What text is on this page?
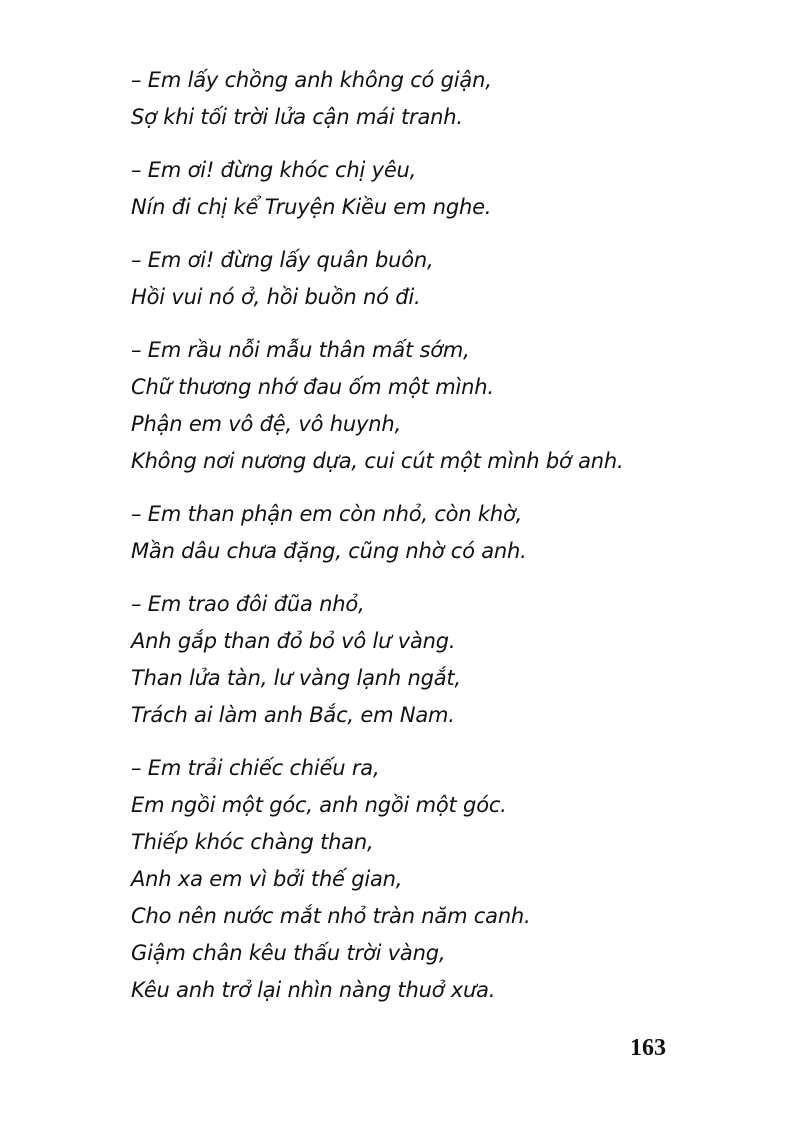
– Em lấy chồng anh không có giận,
Sợ khi tối trời lửa cận mái tranh.
– Em ơi! đừng khóc chị yêu,
Nín đi chị kể Truyện Kiều em nghe.
– Em ơi! đừng lấy quân buôn,
Hồi vui nó ở, hồi buồn nó đi.
– Em rầu nỗi mẫu thân mất sớm,
Chữ thương nhớ đau ốm một mình.
Phận em vô đệ, vô huynh,
Không nơi nương dựa, cui cút một mình bớ anh.
– Em than phận em còn nhỏ, còn khờ,
Mần dâu chưa đặng, cũng nhờ có anh.
– Em trao đôi đũa nhỏ,
Anh gắp than đỏ bỏ vô lư vàng.
Than lửa tàn, lư vàng lạnh ngắt,
Trách ai làm anh Bắc, em Nam.
– Em trải chiếc chiếu ra,
Em ngồi một góc, anh ngồi một góc.
Thiếp khóc chàng than,
Anh xa em vì bởi thế gian,
Cho nên nước mắt nhỏ tràn năm canh.
Giậm chân kêu thấu trời vàng,
Kêu anh trở lại nhìn nàng thuở xưa.
163
